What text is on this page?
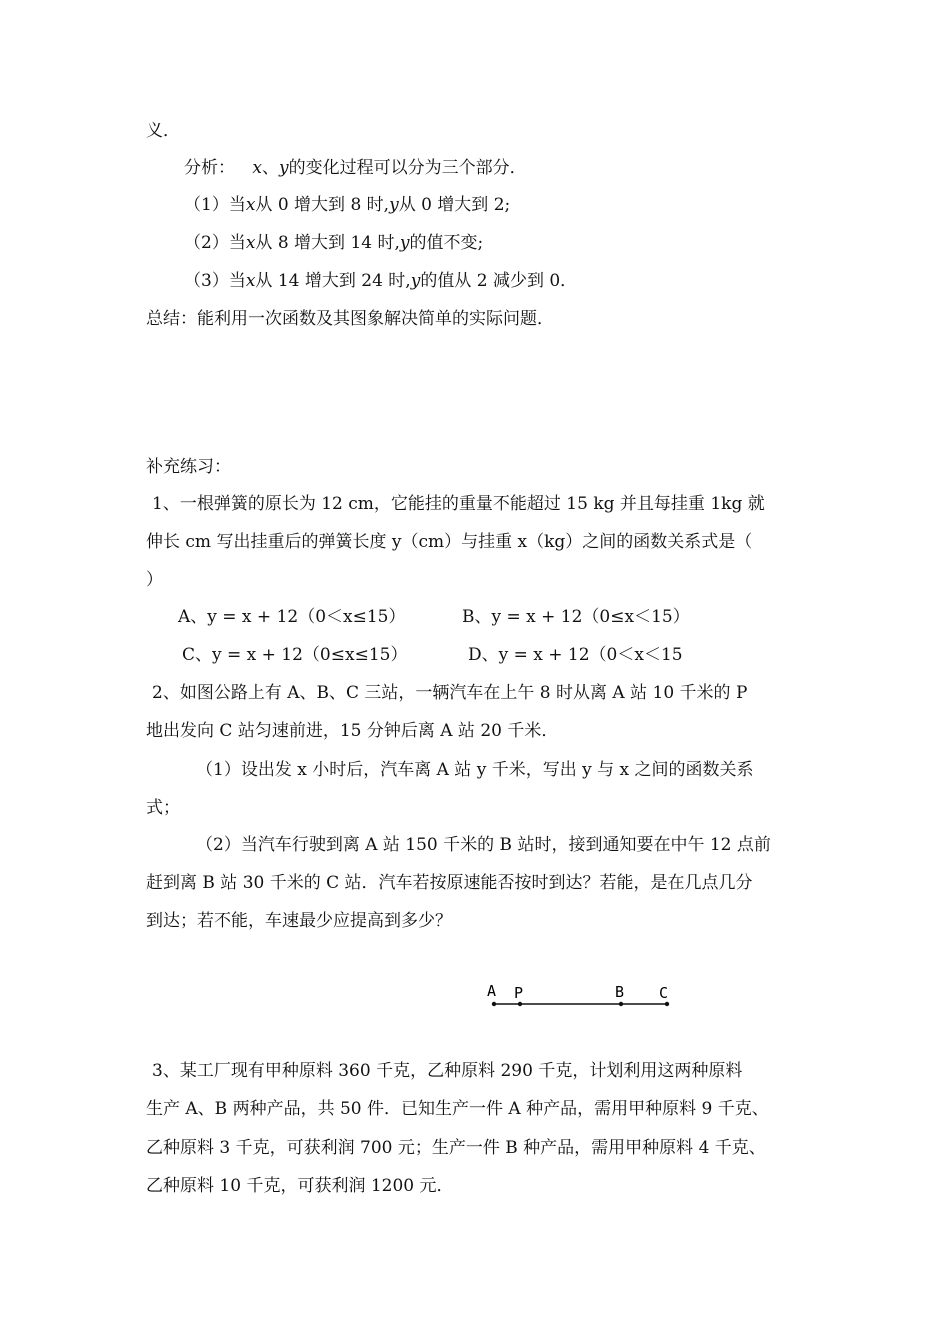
义．
分析： x、y的变化过程可以分为三个部分．
（1）当x从 0 增大到 8 时,y从 0 增大到 2;
（2）当x从 8 增大到 14 时,y的值不变;
（3）当x从 14 增大到 24 时,y的值从 2 减少到 0．
总结：能利用一次函数及其图象解决简单的实际问题．
补充练习：
1、一根弹簧的原长为 12 cm，它能挂的重量不能超过 15 kg 并且每挂重 1kg 就
伸长 cm 写出挂重后的弹簧长度 y（cm）与挂重 x（kg）之间的函数关系式是（
）
A、y = x + 12（0＜x≤15）	B、y = x + 12（0≤x＜15）
C、y = x + 12（0≤x≤15）	D、y = x + 12（0＜x＜15
2、如图公路上有 A、B、C 三站，一辆汽车在上午 8 时从离 A 站 10 千米的 P
地出发向 C 站匀速前进，15 分钟后离 A 站 20 千米．
（1）设出发 x 小时后，汽车离 A 站 y 千米，写出 y 与 x 之间的函数关系
式；
（2）当汽车行驶到离 A 站 150 千米的 B 站时，接到通知要在中午 12 点前
赶到离 B 站 30 千米的 C 站．汽车若按原速能否按时到达？若能，是在几点几分
到达；若不能，车速最少应提高到多少？
A P	B C
3、某工厂现有甲种原料 360 千克，乙种原料 290 千克，计划利用这两种原料
生产 A、B 两种产品，共 50 件．已知生产一件 A 种产品，需用甲种原料 9 千克、
乙种原料 3 千克，可获利润 700 元；生产一件 B 种产品，需用甲种原料 4 千克、
乙种原料 10 千克，可获利润 1200 元．
